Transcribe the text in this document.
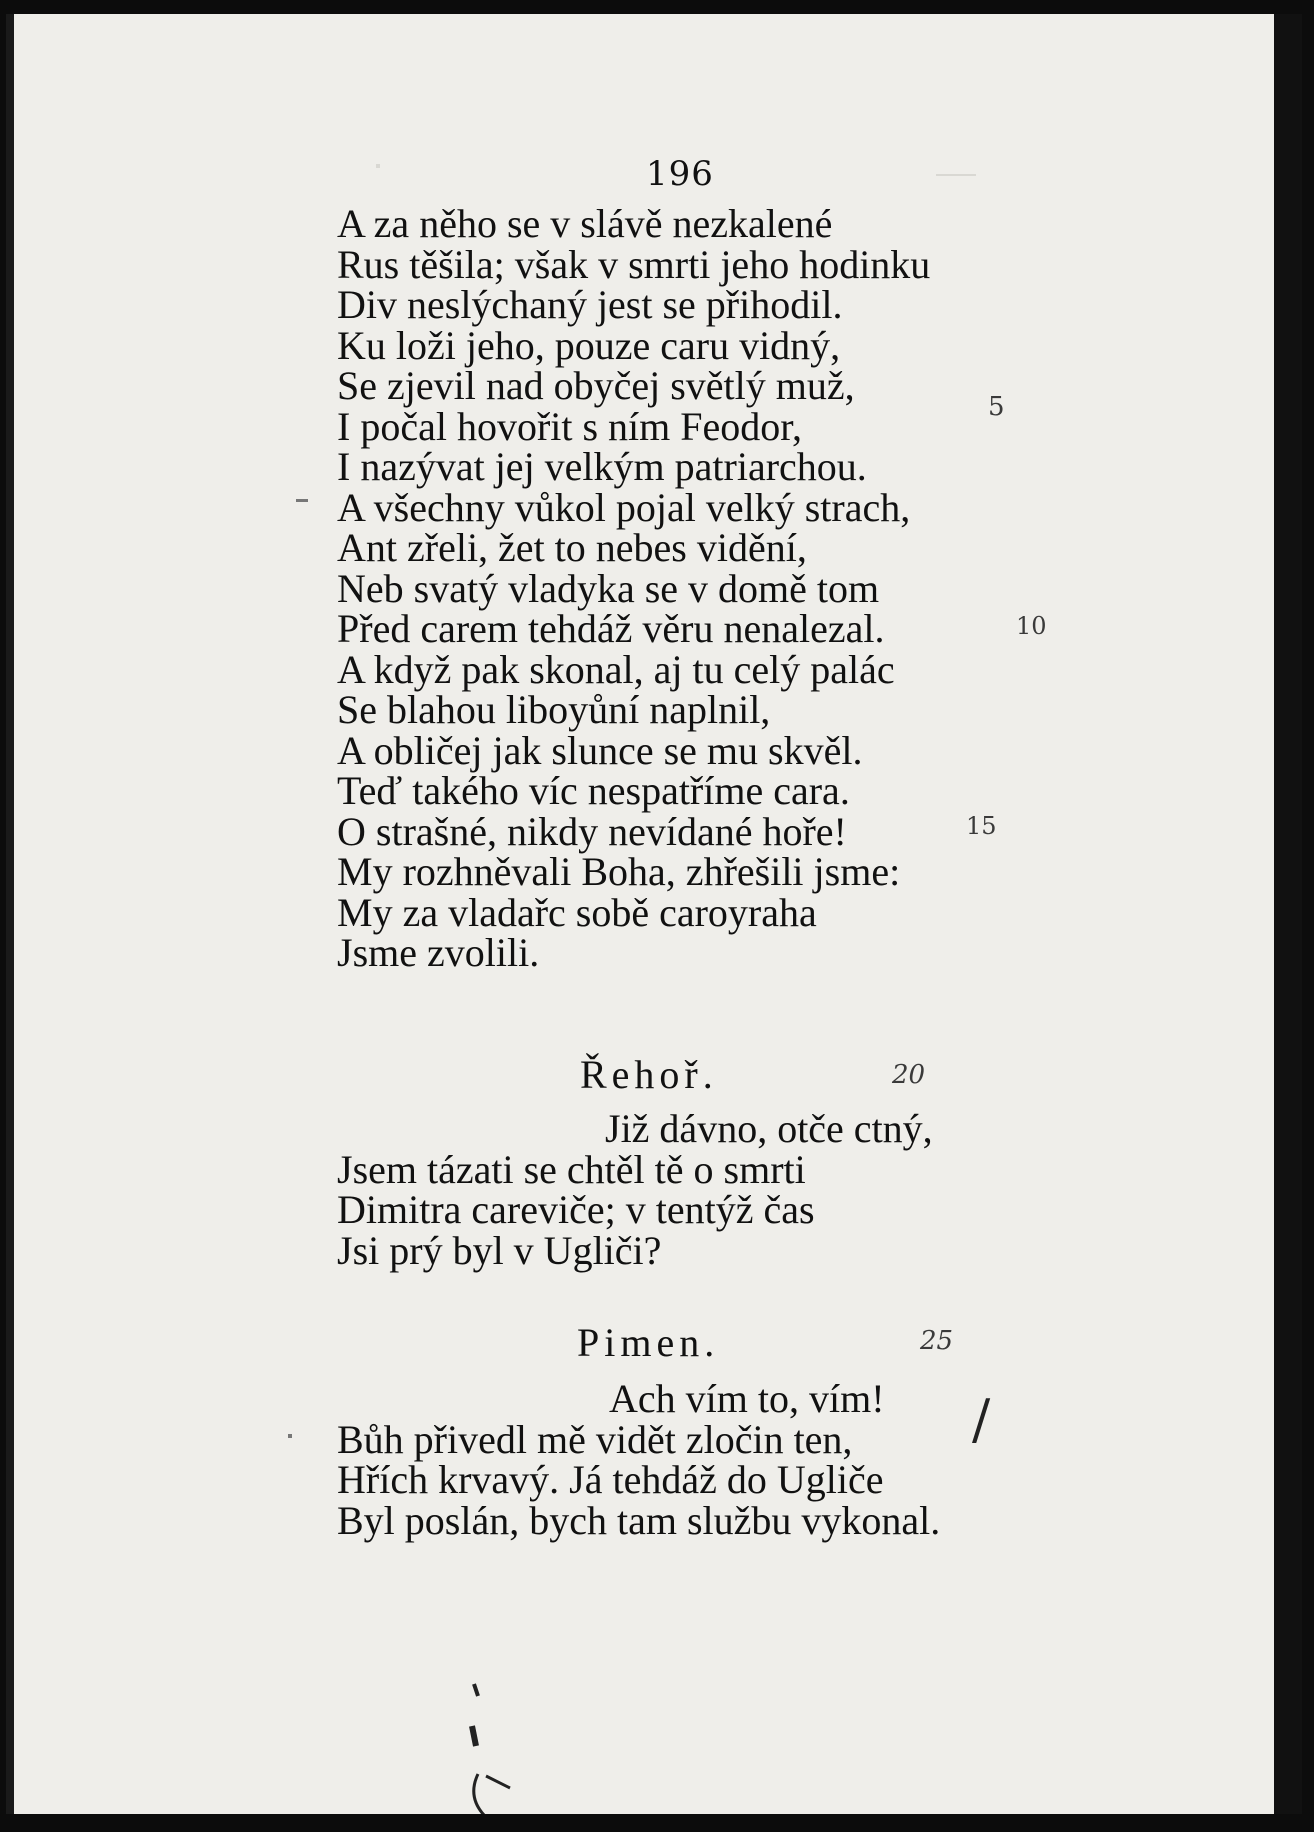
196
A za něho se v slávě nezkalené
Rus těšila; však v smrti jeho hodinku
Div neslýchaný jest se přihodil.
Ku loži jeho, pouze caru vidný,
Se zjevil nad obyčej světlý muž,
I počal hovořit s ním Feodor,
I nazývat jej velkým patriarchou.
A všechny vůkol pojal velký strach,
Ant zřeli, žet to nebes vidění,
Neb svatý vladyka se v domě tom
Před carem tehdáž věru nenalezal.
A když pak skonal, aj tu celý palác
Se blahou liboyůní naplnil,
A obličej jak slunce se mu skvěl.
Teď takého víc nespatříme cara.
O strašné, nikdy nevídané hoře!
My rozhněvali Boha, zhřešili jsme:
My za vladařc sobě caroyraha
Jsme zvolili.
Řehoř.
Již dávno, otče ctný,
Jsem tázati se chtěl tě o smrti
Dimitra careviče; v tentýž čas
Jsi prý byl v Ugliči?
Pimen.
Ach vím to, vím!
Bůh přivedl mě vidět zločin ten,
Hřích krvavý. Já tehdáž do Ugliče
Byl poslán, bych tam službu vykonal.
5
10
15
20
25
/
